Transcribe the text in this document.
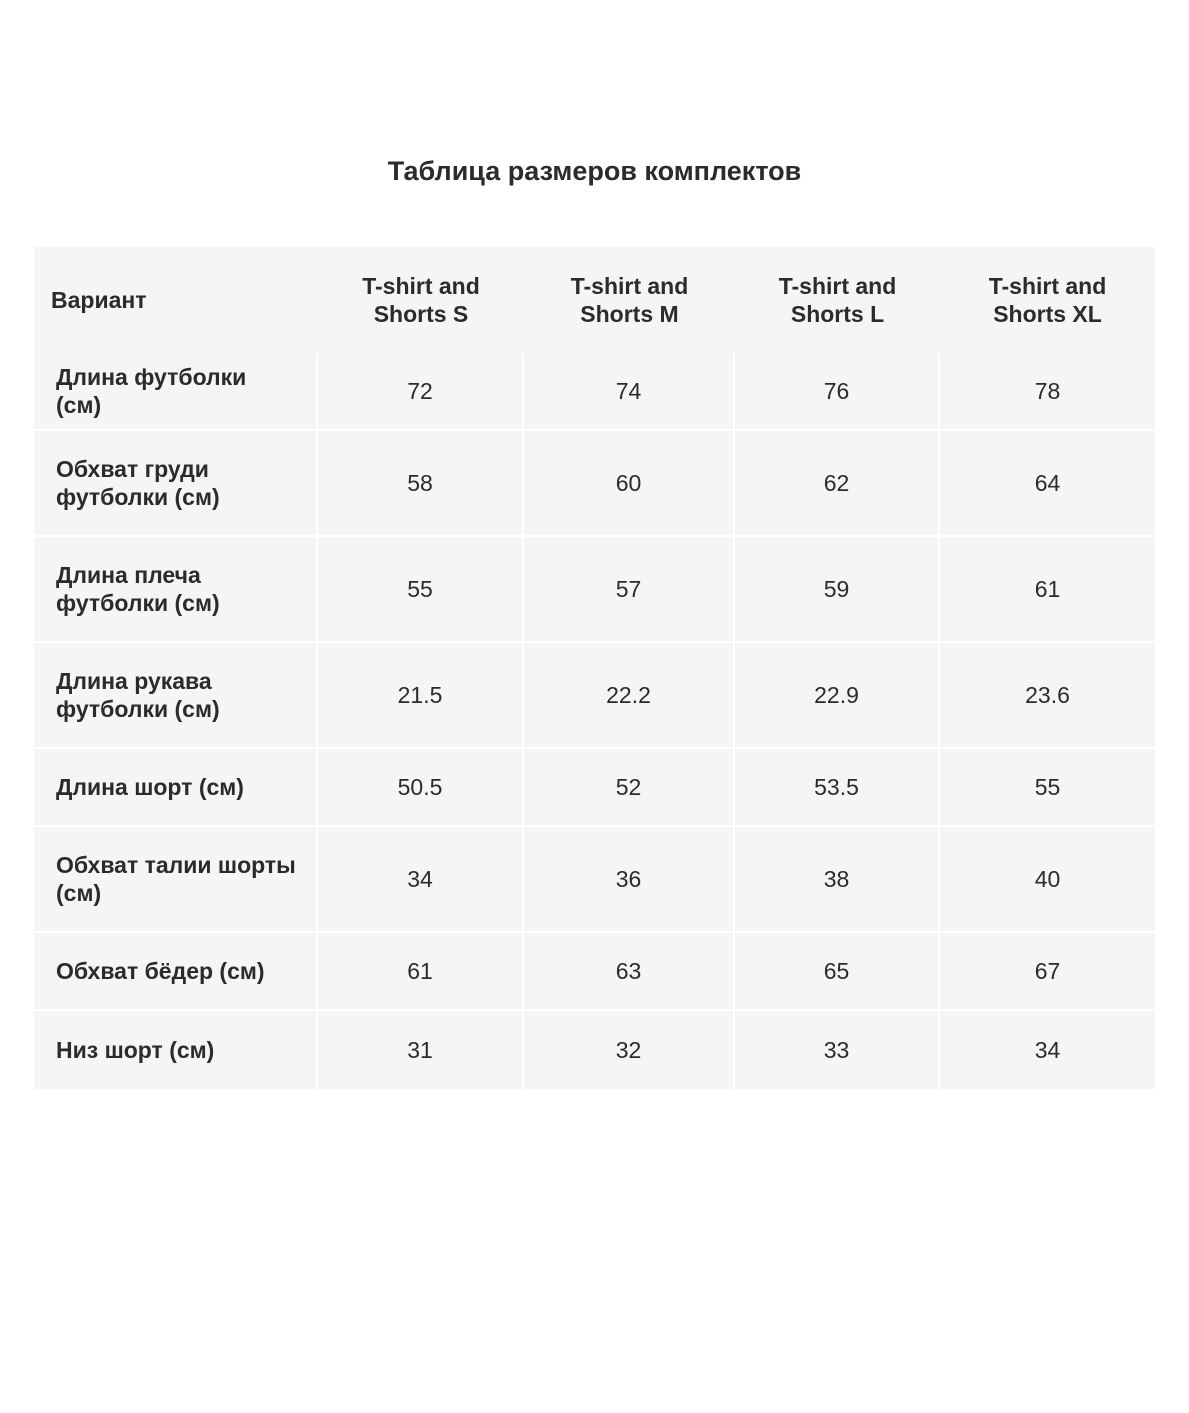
Таблица размеров комплектов
Вариант	T-shirt and Shorts S	T-shirt and Shorts M	T-shirt and Shorts L	T-shirt and Shorts XL
Длина футболки (см)	72	74	76	78
Обхват груди футболки (см)	58	60	62	64
Длина плеча футболки (см)	55	57	59	61
Длина рукава футболки (см)	21.5	22.2	22.9	23.6
Длина шорт (см)	50.5	52	53.5	55
Обхват талии шорты (см)	34	36	38	40
Обхват бёдер (см)	61	63	65	67
Низ шорт (см)	31	32	33	34
